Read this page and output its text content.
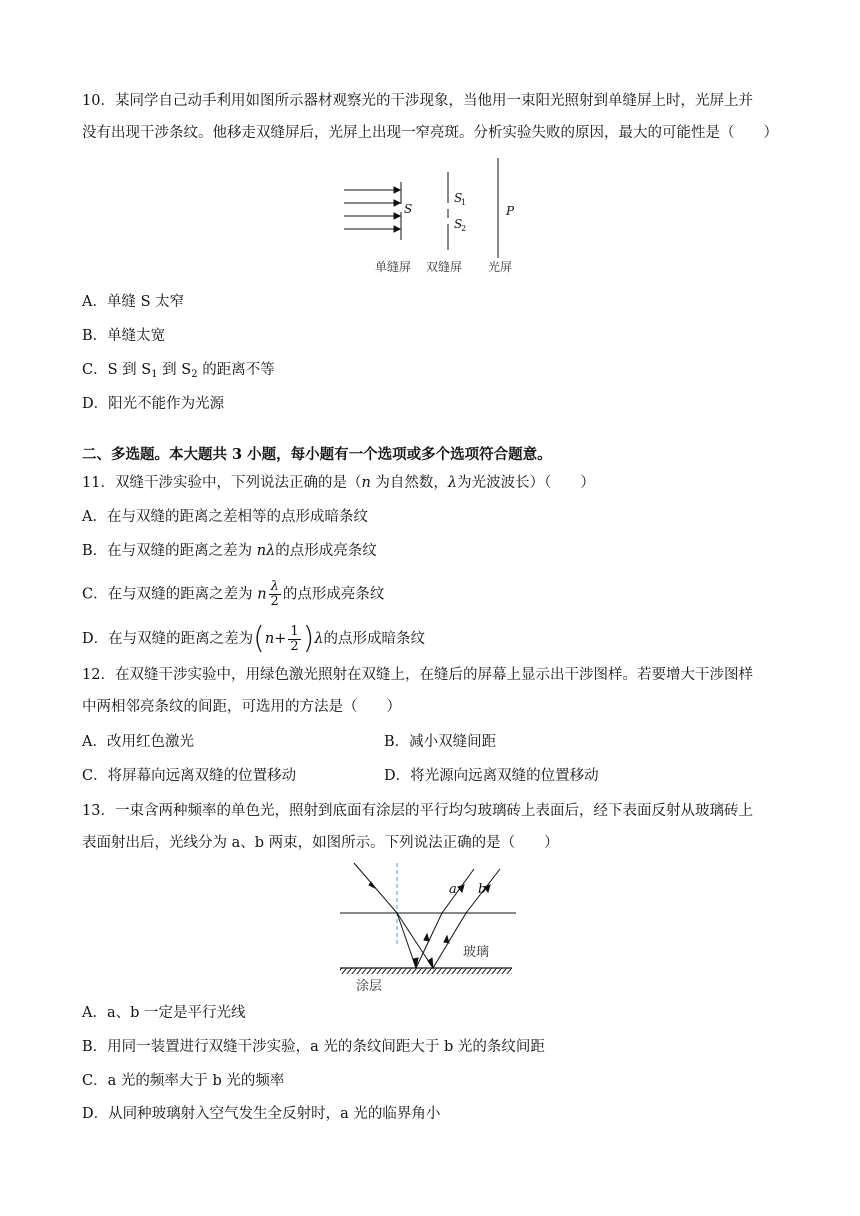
10．某同学自己动手利用如图所示器材观察光的干涉现象，当他用一束阳光照射到单缝屏上时，光屏上并
没有出现干涉条纹。他移走双缝屏后，光屏上出现一窄亮斑。分析实验失败的原因，最大的可能性是（　　）
S
S
1
S
2
P
单缝屏 双缝屏 光屏
A．单缝 S 太窄
B．单缝太宽
C．S 到 $S_1$ 到 $S_2$ 的距离不等
D．阳光不能作为光源
二、多选题。本大题共 3 小题，每小题有一个选项或多个选项符合题意。
11．双缝干涉实验中，下列说法正确的是（n 为自然数，λ为光波波长）（　　）
A．在与双缝的距离之差相等的点形成暗条纹
B．在与双缝的距离之差为 nλ的点形成亮条纹
C．在与双缝的距离之差为 n $\frac{\lambda}{2}$ 的点形成亮条纹
D．在与双缝的距离之差为 ( $n + \frac{1}{2}$ ) λ的点形成暗条纹
12．在双缝干涉实验中，用绿色激光照射在双缝上，在缝后的屏幕上显示出干涉图样。若要增大干涉图样
中两相邻亮条纹的间距，可选用的方法是（　　）
A．改用红色激光	B．减小双缝间距
C．将屏幕向远离双缝的位置移动	D．将光源向远离双缝的位置移动
13．一束含两种频率的单色光，照射到底面有涂层的平行均匀玻璃砖上表面后，经下表面反射从玻璃砖上
表面射出后，光线分为 a、b 两束，如图所示。下列说法正确的是（　　）
a b
玻璃
涂层
A．a、b 一定是平行光线
B．用同一装置进行双缝干涉实验，a 光的条纹间距大于 b 光的条纹间距
C．a 光的频率大于 b 光的频率
D．从同种玻璃射入空气发生全反射时，a 光的临界角小
